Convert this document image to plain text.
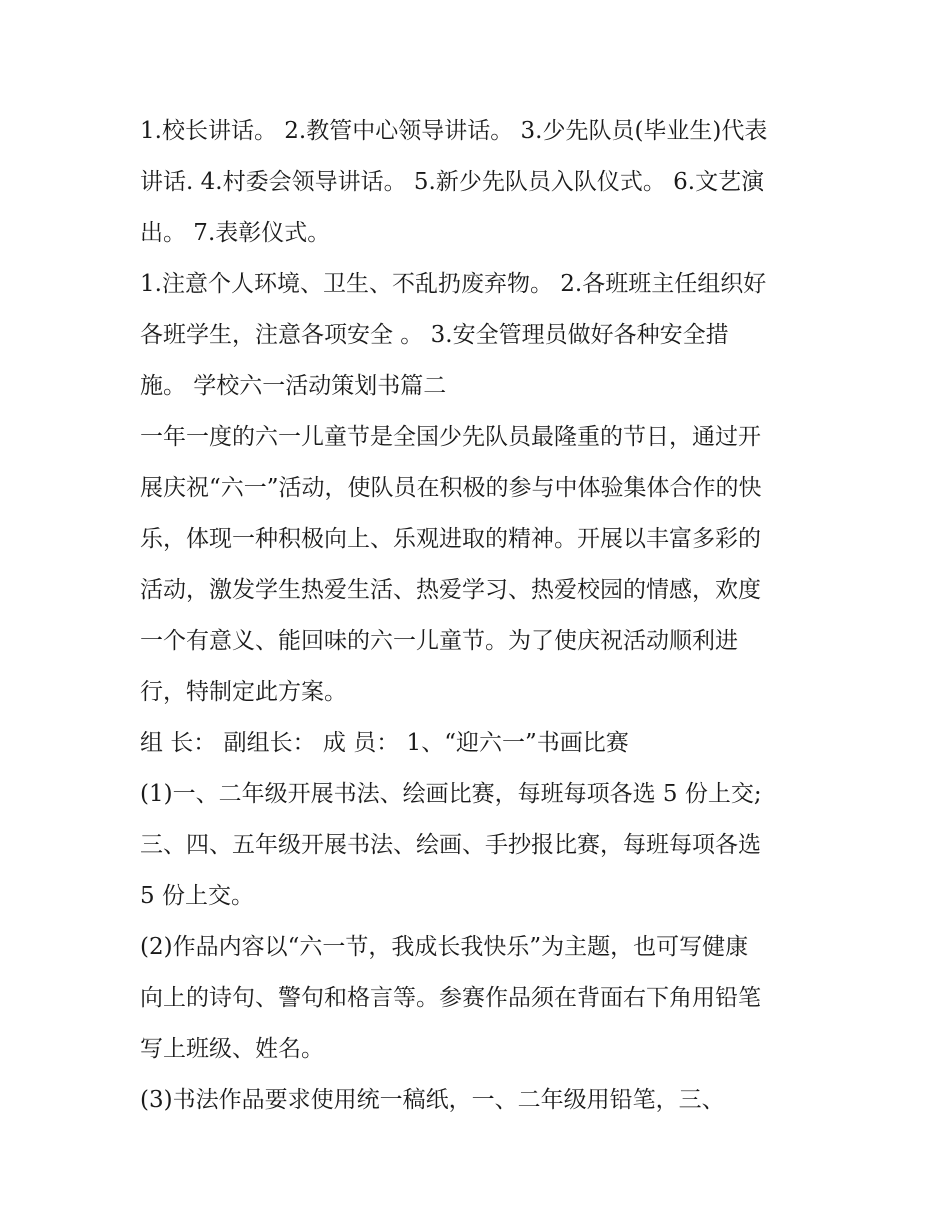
1.校长讲话。 2.教管中心领导讲话。 3.少先队员(毕业生)代表
讲话. 4.村委会领导讲话。 5.新少先队员入队仪式。 6.文艺演
出。 7.表彰仪式。
1.注意个人环境、卫生、不乱扔废弃物。 2.各班班主任组织好
各班学生，注意各项安全 。 3.安全管理员做好各种安全措
施。 学校六一活动策划书篇二
一年一度的六一儿童节是全国少先队员最隆重的节日，通过开
展庆祝“六一”活动，使队员在积极的参与中体验集体合作的快
乐，体现一种积极向上、乐观进取的精神。开展以丰富多彩的
活动，激发学生热爱生活、热爱学习、热爱校园的情感，欢度
一个有意义、能回味的六一儿童节。为了使庆祝活动顺利进
行，特制定此方案。
组 长： 副组长： 成 员： 1、“迎六一”书画比赛
(1)一、二年级开展书法、绘画比赛，每班每项各选 5 份上交;
三、四、五年级开展书法、绘画、手抄报比赛，每班每项各选
5 份上交。
(2)作品内容以“六一节，我成长我快乐”为主题，也可写健康
向上的诗句、警句和格言等。参赛作品须在背面右下角用铅笔
写上班级、姓名。
(3)书法作品要求使用统一稿纸，一、二年级用铅笔，三、
